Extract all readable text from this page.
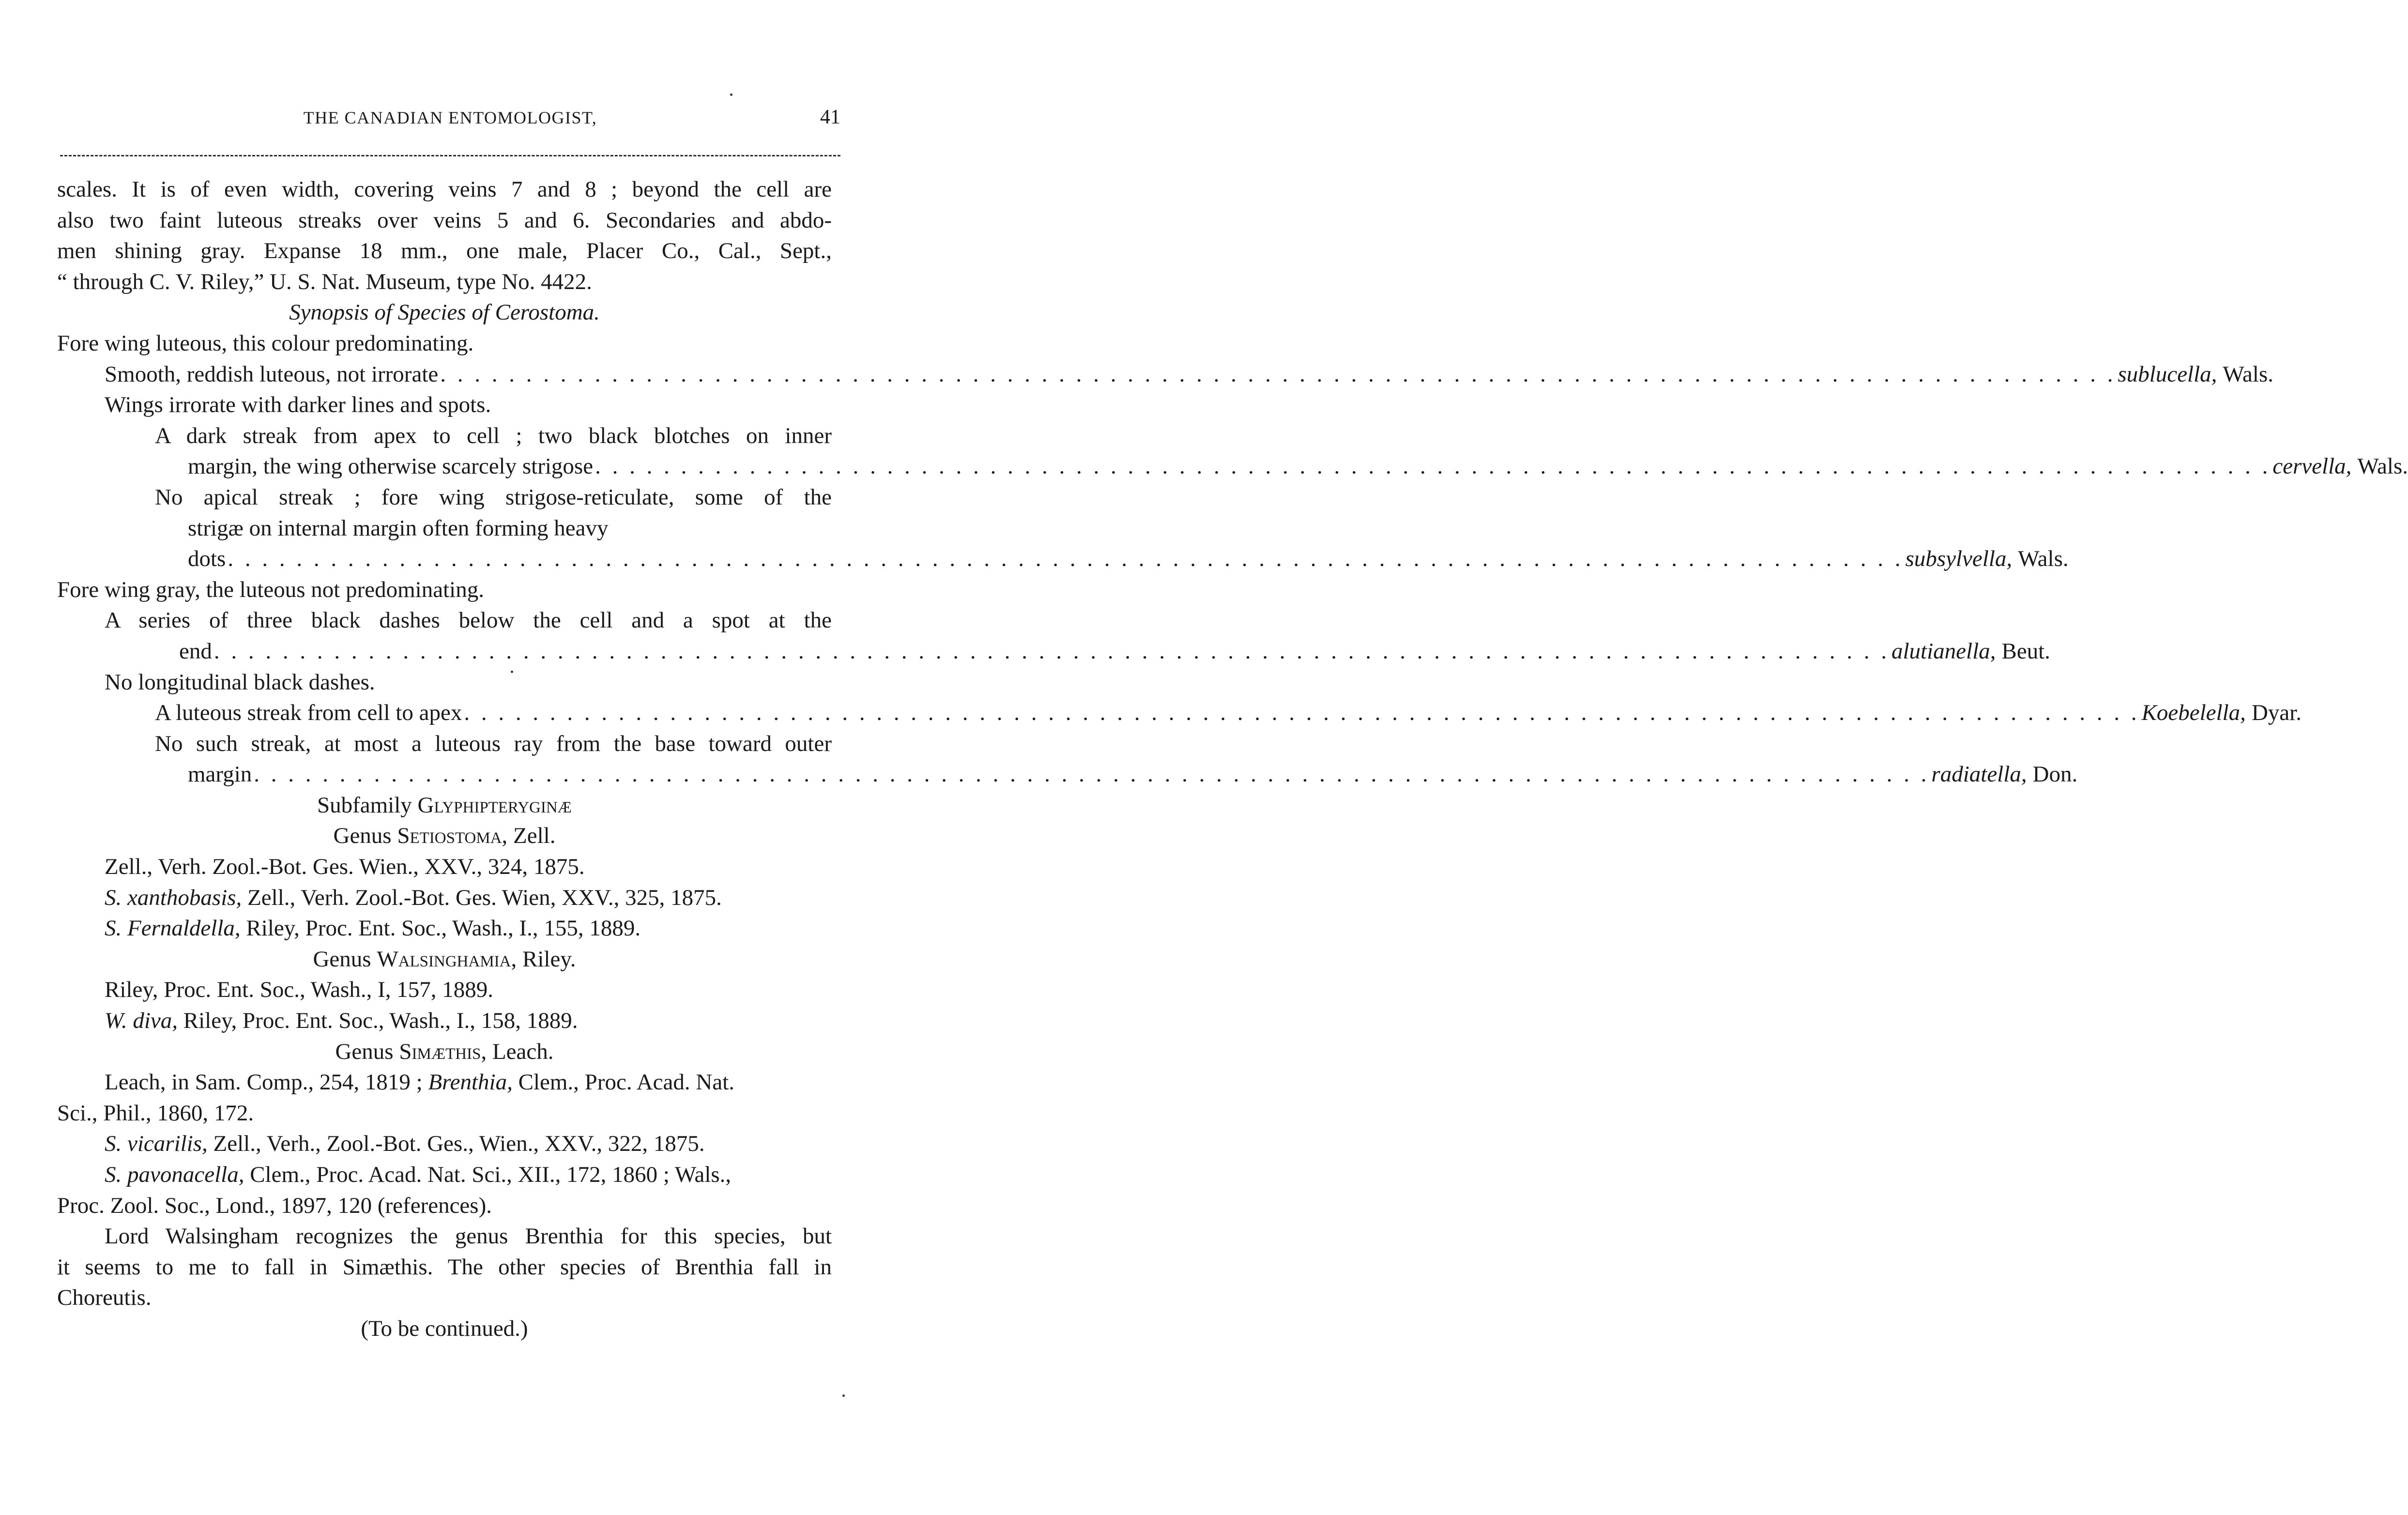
THE CANADIAN ENTOMOLOGIST,	41
scales. It is of even width, covering veins 7 and 8 ; beyond the cell are
also two faint luteous streaks over veins 5 and 6. Secondaries and abdo-
men shining gray. Expanse 18 mm., one male, Placer Co., Cal., Sept.,
“ through C. V. Riley,” U. S. Nat. Museum, type No. 4422.
Synopsis of Species of Cerostoma.
Fore wing luteous, this colour predominating.
Smooth, reddish luteous, not irrorate . . . . . . . . . . . . . . . . . . . . . . . . . . . . . . . . . . . . . . . . . . . . . . . . . . . . . . . . . . . . . . . . . . . . . . . . . . . . . . . . . . . . . . . . . . . . . . . . . . sublucella, Wals.
Wings irrorate with darker lines and spots.
A dark streak from apex to cell ; two black blotches on inner
margin, the wing otherwise scarcely strigose . . . . . . . . . . . . . . . . . . . . . . . . . . . . . . . . . . . . . . . . . . . . . . . . . . . . . . . . . . . . . . . . . . . . . . . . . . . . . . . . . . . . . . . . . . . . . . . . . . cervella, Wals.
No apical streak ; fore wing strigose-reticulate, some of the
strigæ on internal margin often forming heavy
dots . . . . . . . . . . . . . . . . . . . . . . . . . . . . . . . . . . . . . . . . . . . . . . . . . . . . . . . . . . . . . . . . . . . . . . . . . . . . . . . . . . . . . . . . . . . . . . . . . . subsylvella, Wals.
Fore wing gray, the luteous not predominating.
A series of three black dashes below the cell and a spot at the
end . . . . . . . . . . . . . . . . . . . . . . . . . . . . . . . . . . . . . . . . . . . . . . . . . . . . . . . . . . . . . . . . . . . . . . . . . . . . . . . . . . . . . . . . . . . . . . . . . . alutianella, Beut.
No longitudinal black dashes.
A luteous streak from cell to apex . . . . . . . . . . . . . . . . . . . . . . . . . . . . . . . . . . . . . . . . . . . . . . . . . . . . . . . . . . . . . . . . . . . . . . . . . . . . . . . . . . . . . . . . . . . . . . . . . . Koebelella, Dyar.
No such streak, at most a luteous ray from the base toward outer
margin . . . . . . . . . . . . . . . . . . . . . . . . . . . . . . . . . . . . . . . . . . . . . . . . . . . . . . . . . . . . . . . . . . . . . . . . . . . . . . . . . . . . . . . . . . . . . . . . . . radiatella, Don.
Subfamily Glyphipteryginæ
Genus Setiostoma, Zell.
Zell., Verh. Zool.-Bot. Ges. Wien., XXV., 324, 1875.
S. xanthobasis, Zell., Verh. Zool.-Bot. Ges. Wien, XXV., 325, 1875.
S. Fernaldella, Riley, Proc. Ent. Soc., Wash., I., 155, 1889.
Genus Walsinghamia, Riley.
Riley, Proc. Ent. Soc., Wash., I, 157, 1889.
W. diva, Riley, Proc. Ent. Soc., Wash., I., 158, 1889.
Genus Simæthis, Leach.
Leach, in Sam. Comp., 254, 1819 ; Brenthia, Clem., Proc. Acad. Nat.
Sci., Phil., 1860, 172.
S. vicarilis, Zell., Verh., Zool.-Bot. Ges., Wien., XXV., 322, 1875.
S. pavonacella, Clem., Proc. Acad. Nat. Sci., XII., 172, 1860 ; Wals.,
Proc. Zool. Soc., Lond., 1897, 120 (references).
Lord Walsingham recognizes the genus Brenthia for this species, but
it seems to me to fall in Simæthis. The other species of Brenthia fall in
Choreutis.
(To be continued.)
